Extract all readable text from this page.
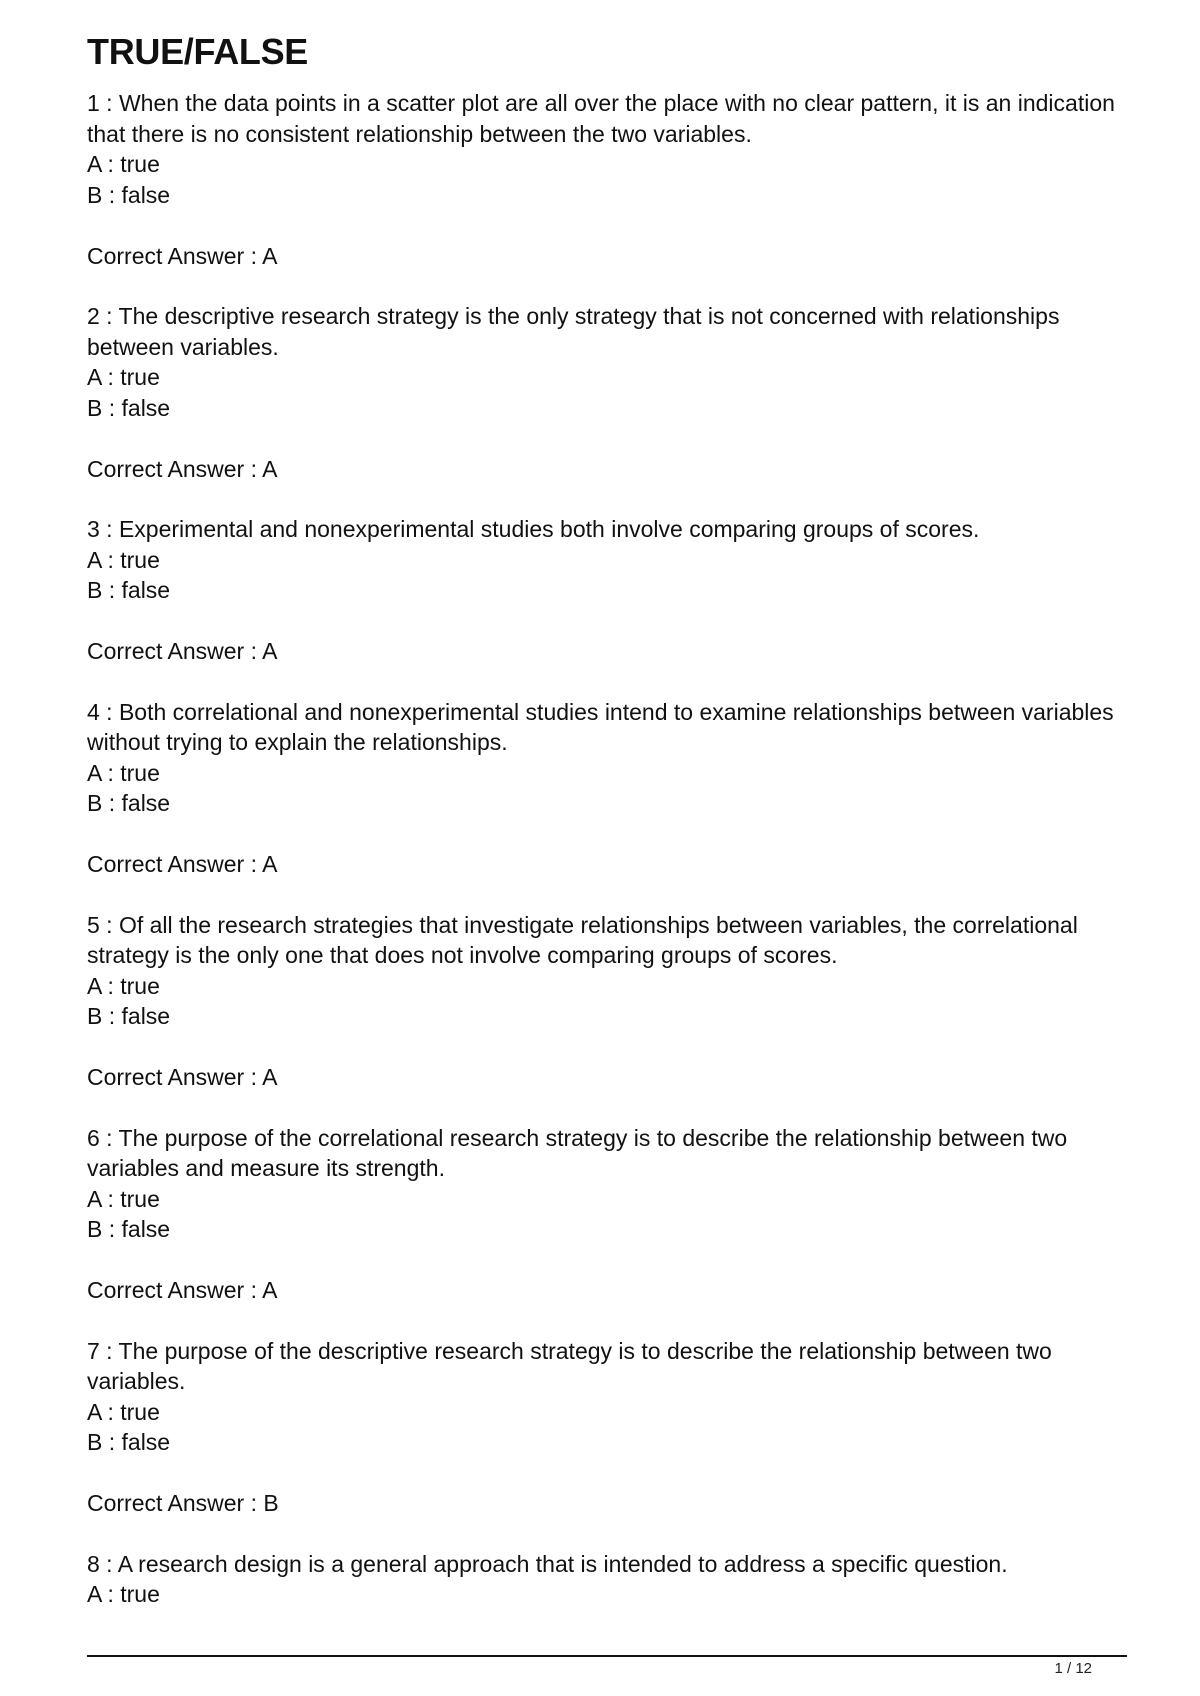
TRUE/FALSE
1 : When the data points in a scatter plot are all over the place with no clear pattern, it is an indication that there is no consistent relationship between the two variables.
A : true
B : false
Correct Answer : A
2 : The descriptive research strategy is the only strategy that is not concerned with relationships between variables.
A : true
B : false
Correct Answer : A
3 : Experimental and nonexperimental studies both involve comparing groups of scores.
A : true
B : false
Correct Answer : A
4 : Both correlational and nonexperimental studies intend to examine relationships between variables without trying to explain the relationships.
A : true
B : false
Correct Answer : A
5 : Of all the research strategies that investigate relationships between variables, the correlational strategy is the only one that does not involve comparing groups of scores.
A : true
B : false
Correct Answer : A
6 : The purpose of the correlational research strategy is to describe the relationship between two variables and measure its strength.
A : true
B : false
Correct Answer : A
7 : The purpose of the descriptive research strategy is to describe the relationship between two variables.
A : true
B : false
Correct Answer : B
8 : A research design is a general approach that is intended to address a specific question.
A : true
1 / 12
